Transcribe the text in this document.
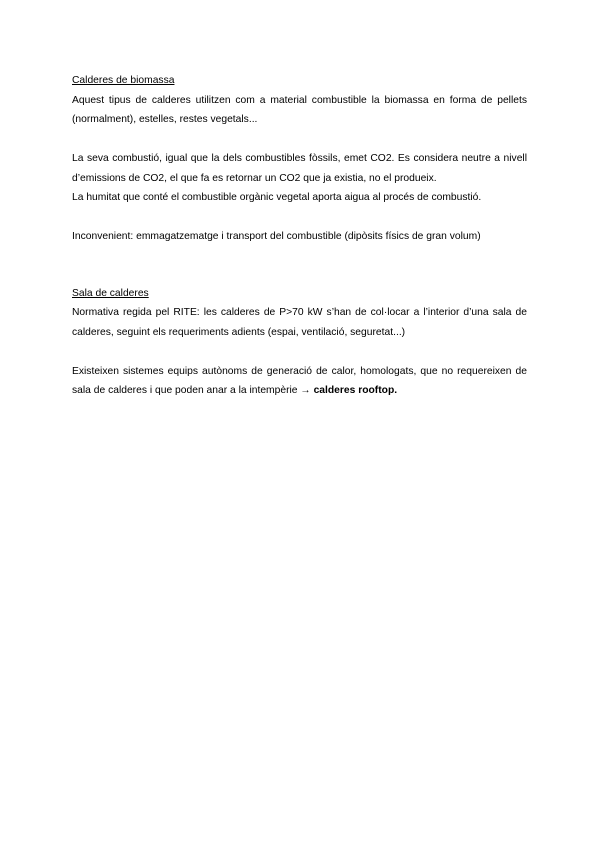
Calderes de biomassa

Aquest tipus de calderes utilitzen com a material combustible la biomassa en forma de pellets (normalment), estelles, restes vegetals...

La seva combustió, igual que la dels combustibles fòssils, emet CO2. Es considera neutre a nivell d’emissions de CO2, el que fa es retornar un CO2 que ja existia, no el produeix.

La humitat que conté el combustible orgànic vegetal aporta aigua al procés de combustió.

Inconvenient: emmagatzematge i transport del combustible (dipòsits físics de gran volum)

Sala de calderes

Normativa regida pel RITE: les calderes de P>70 kW s’han de col·locar a l’interior d’una sala de calderes, seguint els requeriments adients (espai, ventilació, seguretat...)

Existeixen sistemes equips autònoms de generació de calor, homologats, que no requereixen de sala de calderes i que poden anar a la intempèrie → calderes rooftop.
